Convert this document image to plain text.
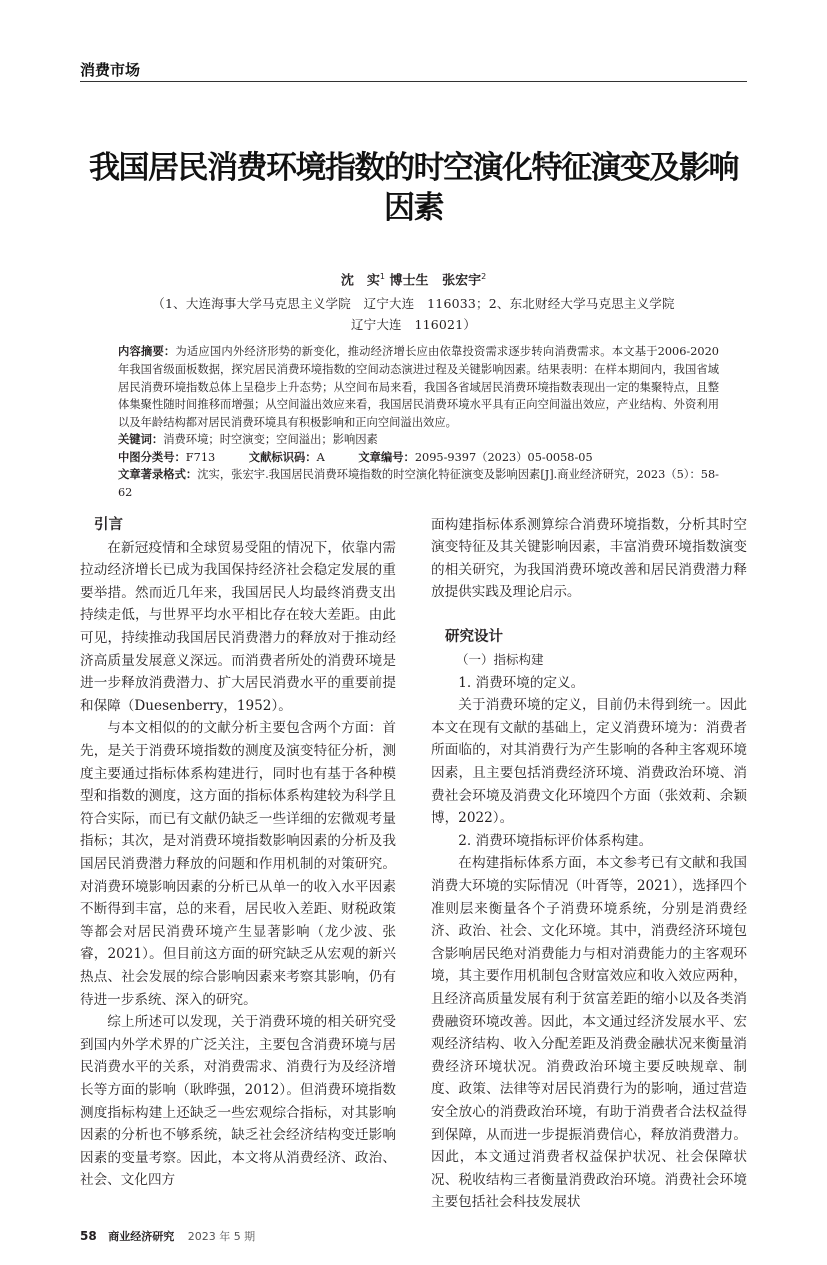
消费市场
我国居民消费环境指数的时空演化特征演变及影响因素
沈　实$^1$ 博士生 张宏宇$^2$
（1、大连海事大学马克思主义学院　辽宁大连　116033；2、东北财经大学马克思主义学院
辽宁大连　116021）
内容摘要：为适应国内外经济形势的新变化，推动经济增长应由依靠投资需求逐步转向消费需求。本文基于2006-2020年我国省级面板数据，探究居民消费环境指数的空间动态演进过程及关键影响因素。结果表明：在样本期间内，我国省域居民消费环境指数总体上呈稳步上升态势；从空间布局来看，我国各省域居民消费环境指数表现出一定的集聚特点，且整体集聚性随时间推移而增强；从空间溢出效应来看，我国居民消费环境水平具有正向空间溢出效应，产业结构、外资利用以及年龄结构都对居民消费环境具有积极影响和正向空间溢出效应。
关键词：消费环境；时空演变；空间溢出；影响因素
中图分类号：F713	文献标识码：A	文章编号：2095-9397（2023）05-0058-05
文章著录格式：沈实，张宏宇.我国居民消费环境指数的时空演化特征演变及影响因素[J].商业经济研究，2023（5）：58-62
引言

在新冠疫情和全球贸易受阻的情况下，依靠内需拉动经济增长已成为我国保持经济社会稳定发展的重要举措。然而近几年来，我国居民人均最终消费支出持续走低，与世界平均水平相比存在较大差距。由此可见，持续推动我国居民消费潜力的释放对于推动经济高质量发展意义深远。而消费者所处的消费环境是进一步释放消费潜力、扩大居民消费水平的重要前提和保障（Duesenberry，1952）。

与本文相似的的文献分析主要包含两个方面：首先，是关于消费环境指数的测度及演变特征分析，测度主要通过指标体系构建进行，同时也有基于各种模型和指数的测度，这方面的指标体系构建较为科学且符合实际，而已有文献仍缺乏一些详细的宏微观考量指标；其次，是对消费环境指数影响因素的分析及我国居民消费潜力释放的问题和作用机制的对策研究。对消费环境影响因素的分析已从单一的收入水平因素不断得到丰富，总的来看，居民收入差距、财税政策等都会对居民消费环境产生显著影响（龙少波、张睿，2021）。但目前这方面的研究缺乏从宏观的新兴热点、社会发展的综合影响因素来考察其影响，仍有待进一步系统、深入的研究。

综上所述可以发现，关于消费环境的相关研究受到国内外学术界的广泛关注，主要包含消费环境与居民消费水平的关系，对消费需求、消费行为及经济增长等方面的影响（耿晔强，2012）。但消费环境指数测度指标构建上还缺乏一些宏观综合指标，对其影响因素的分析也不够系统，缺乏社会经济结构变迁影响因素的变量考察。因此，本文将从消费经济、政治、社会、文化四方

面构建指标体系测算综合消费环境指数，分析其时空演变特征及其关键影响因素，丰富消费环境指数演变的相关研究，为我国消费环境改善和居民消费潜力释放提供实践及理论启示。

研究设计

（一）指标构建

1. 消费环境的定义。

关于消费环境的定义，目前仍未得到统一。因此本文在现有文献的基础上，定义消费环境为：消费者所面临的，对其消费行为产生影响的各种主客观环境因素，且主要包括消费经济环境、消费政治环境、消费社会环境及消费文化环境四个方面（张效莉、余颖博，2022）。

2. 消费环境指标评价体系构建。

在构建指标体系方面，本文参考已有文献和我国消费大环境的实际情况（叶胥等，2021），选择四个准则层来衡量各个子消费环境系统，分别是消费经济、政治、社会、文化环境。其中，消费经济环境包含影响居民绝对消费能力与相对消费能力的主客观环境，其主要作用机制包含财富效应和收入效应两种，且经济高质量发展有利于贫富差距的缩小以及各类消费融资环境改善。因此，本文通过经济发展水平、宏观经济结构、收入分配差距及消费金融状况来衡量消费经济环境状况。消费政治环境主要反映规章、制度、政策、法律等对居民消费行为的影响，通过营造安全放心的消费政治环境，有助于消费者合法权益得到保障，从而进一步提振消费信心，释放消费潜力。因此，本文通过消费者权益保护状况、社会保障状况、税收结构三者衡量消费政治环境。消费社会环境主要包括社会科技发展状

58 商业经济研究 2023 年 5 期
